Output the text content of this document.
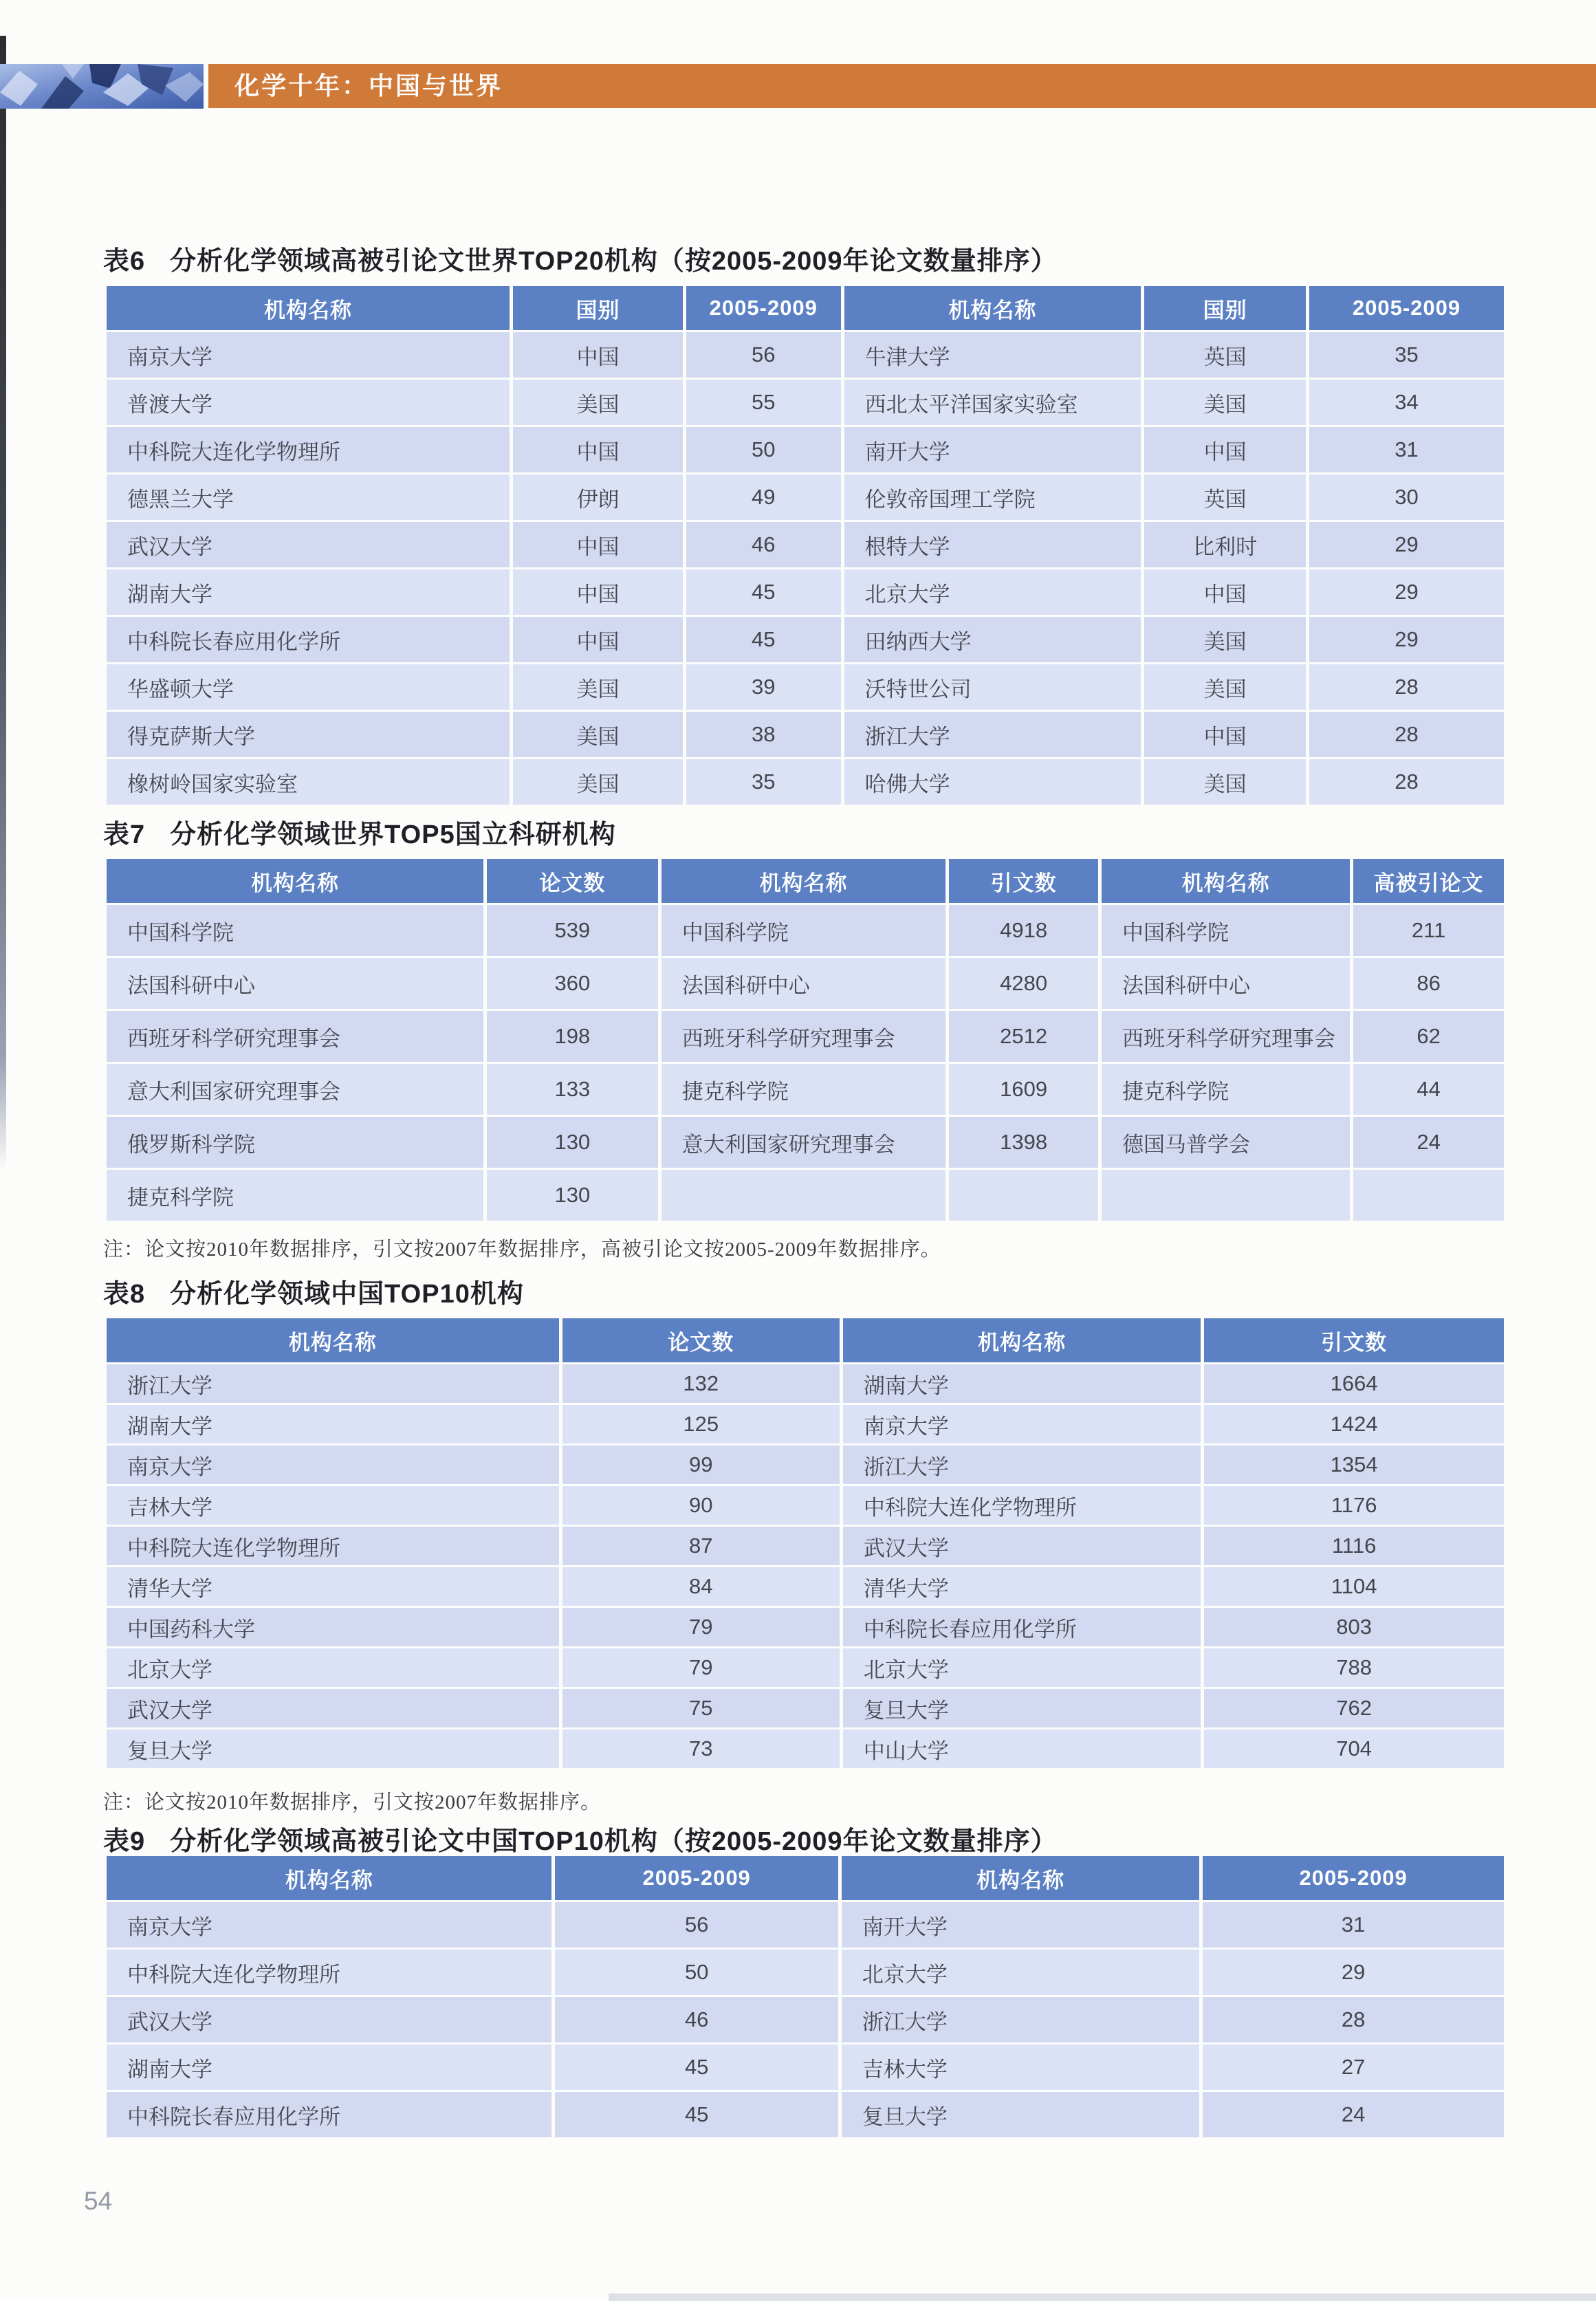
化学十年：中国与世界
表6 分析化学领域高被引论文世界TOP20机构（按2005-2009年论文数量排序）
机构名称	国别	2005-2009	机构名称	国别	2005-2009
南京大学	中国	56	牛津大学	英国	35
普渡大学	美国	55	西北太平洋国家实验室	美国	34
中科院大连化学物理所	中国	50	南开大学	中国	31
德黑兰大学	伊朗	49	伦敦帝国理工学院	英国	30
武汉大学	中国	46	根特大学	比利时	29
湖南大学	中国	45	北京大学	中国	29
中科院长春应用化学所	中国	45	田纳西大学	美国	29
华盛顿大学	美国	39	沃特世公司	美国	28
得克萨斯大学	美国	38	浙江大学	中国	28
橡树岭国家实验室	美国	35	哈佛大学	美国	28
表7 分析化学领域世界TOP5国立科研机构
机构名称	论文数	机构名称	引文数	机构名称	高被引论文
中国科学院	539	中国科学院	4918	中国科学院	211
法国科研中心	360	法国科研中心	4280	法国科研中心	86
西班牙科学研究理事会	198	西班牙科学研究理事会	2512	西班牙科学研究理事会	62
意大利国家研究理事会	133	捷克科学院	1609	捷克科学院	44
俄罗斯科学院	130	意大利国家研究理事会	1398	德国马普学会	24
捷克科学院	130				
注：论文按2010年数据排序，引文按2007年数据排序，高被引论文按2005-2009年数据排序。
表8 分析化学领域中国TOP10机构
机构名称	论文数	机构名称	引文数
浙江大学	132	湖南大学	1664
湖南大学	125	南京大学	1424
南京大学	99	浙江大学	1354
吉林大学	90	中科院大连化学物理所	1176
中科院大连化学物理所	87	武汉大学	1116
清华大学	84	清华大学	1104
中国药科大学	79	中科院长春应用化学所	803
北京大学	79	北京大学	788
武汉大学	75	复旦大学	762
复旦大学	73	中山大学	704
注：论文按2010年数据排序，引文按2007年数据排序。
表9 分析化学领域高被引论文中国TOP10机构（按2005-2009年论文数量排序）
机构名称	2005-2009	机构名称	2005-2009
南京大学	56	南开大学	31
中科院大连化学物理所	50	北京大学	29
武汉大学	46	浙江大学	28
湖南大学	45	吉林大学	27
中科院长春应用化学所	45	复旦大学	24
54
